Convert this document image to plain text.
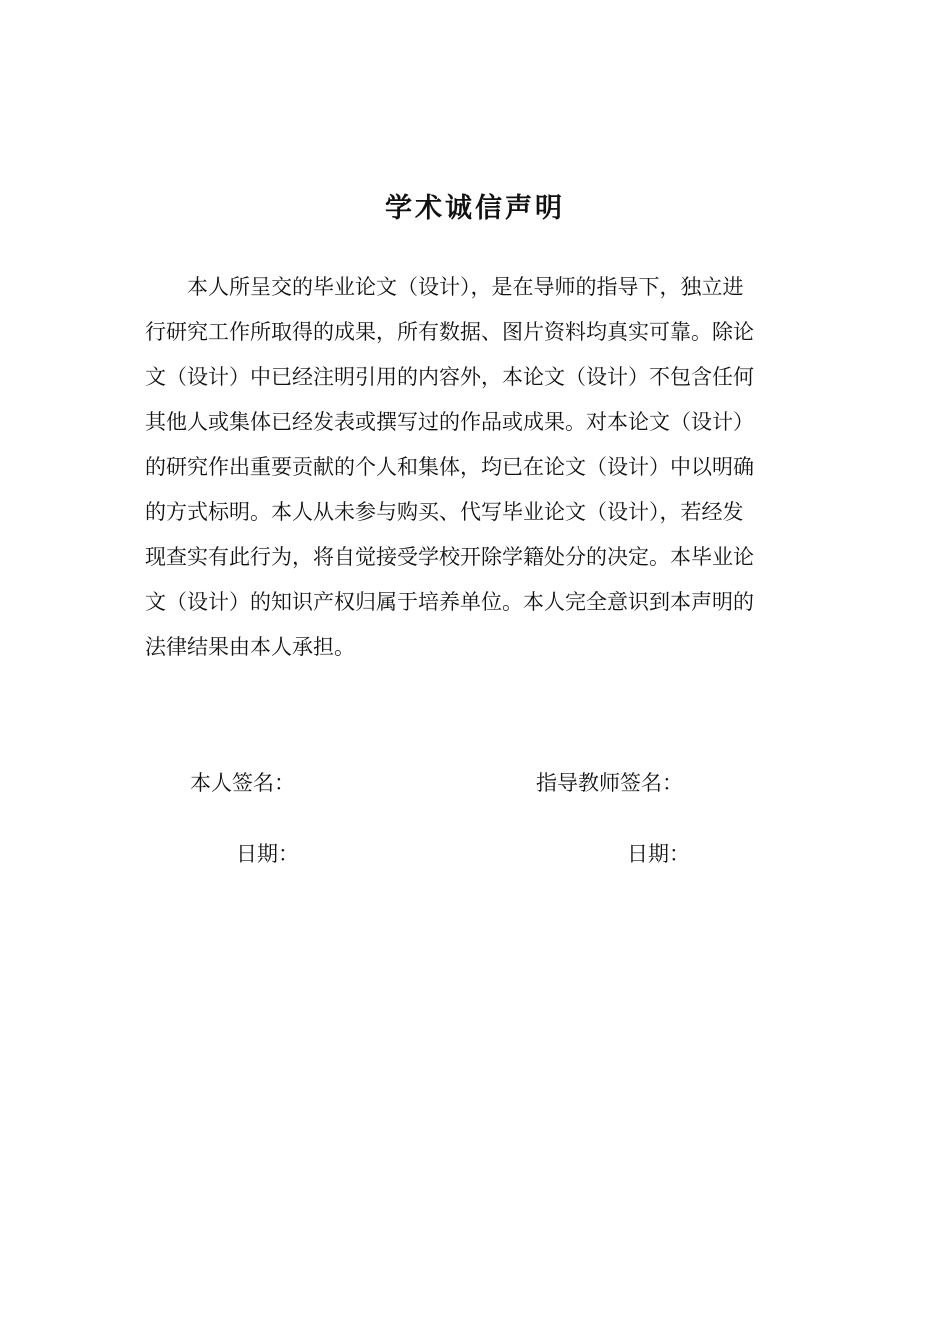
学术诚信声明
　　本人所呈交的毕业论文（设计），是在导师的指导下，独立进
行研究工作所取得的成果，所有数据、图片资料均真实可靠。除论
文（设计）中已经注明引用的内容外，本论文（设计）不包含任何
其他人或集体已经发表或撰写过的作品或成果。对本论文（设计）
的研究作出重要贡献的个人和集体，均已在论文（设计）中以明确
的方式标明。本人从未参与购买、代写毕业论文（设计），若经发
现查实有此行为，将自觉接受学校开除学籍处分的决定。本毕业论
文（设计）的知识产权归属于培养单位。本人完全意识到本声明的
法律结果由本人承担。
本人签名：	指导教师签名：
日期：	日期：
